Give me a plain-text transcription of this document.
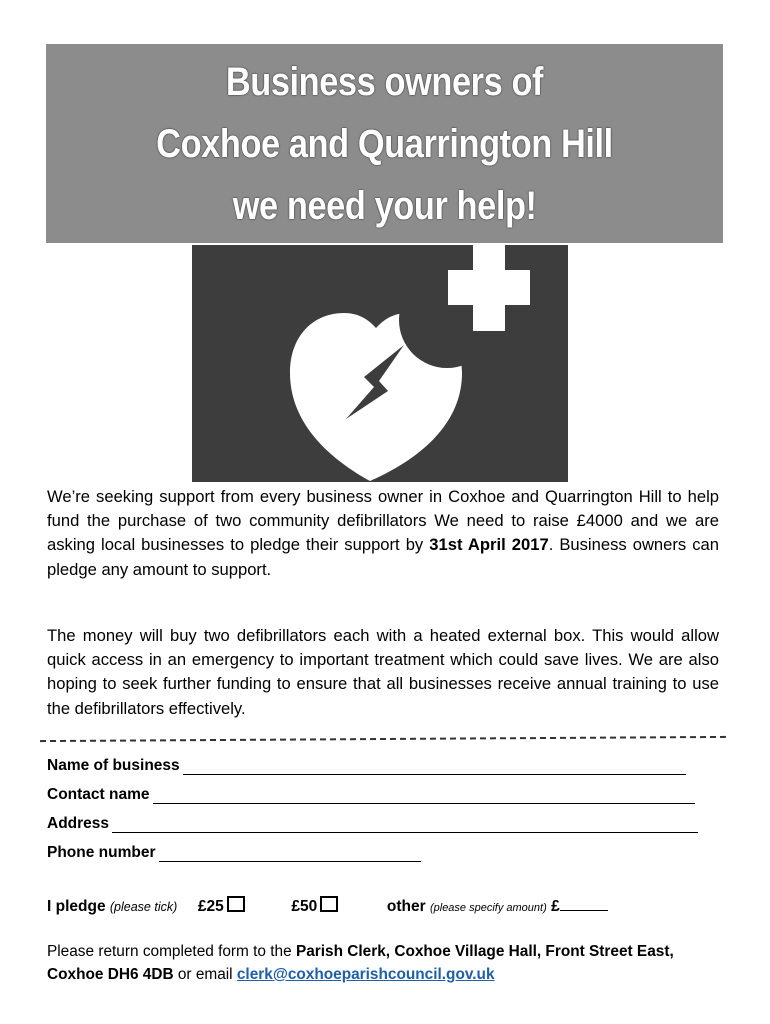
Business owners of
Coxhoe and Quarrington Hill
we need your help!

We’re seeking support from every business owner in Coxhoe and Quarrington Hill to help fund the purchase of two community defibrillators We need to raise £4000 and we are asking local businesses to pledge their support by 31st April 2017. Business owners can pledge any amount to support.

The money will buy two defibrillators each with a heated external box. This would allow quick access in an emergency to important treatment which could save lives. We are also hoping to seek further funding to ensure that all businesses receive annual training to use the defibrillators effectively.

Name of business
Contact name
Address
Phone number
I pledge (please tick) £25	£50	other (please specify amount) £

Please return completed form to the Parish Clerk, Coxhoe Village Hall, Front Street East, Coxhoe DH6 4DB or email clerk@coxhoeparishcouncil.gov.uk
